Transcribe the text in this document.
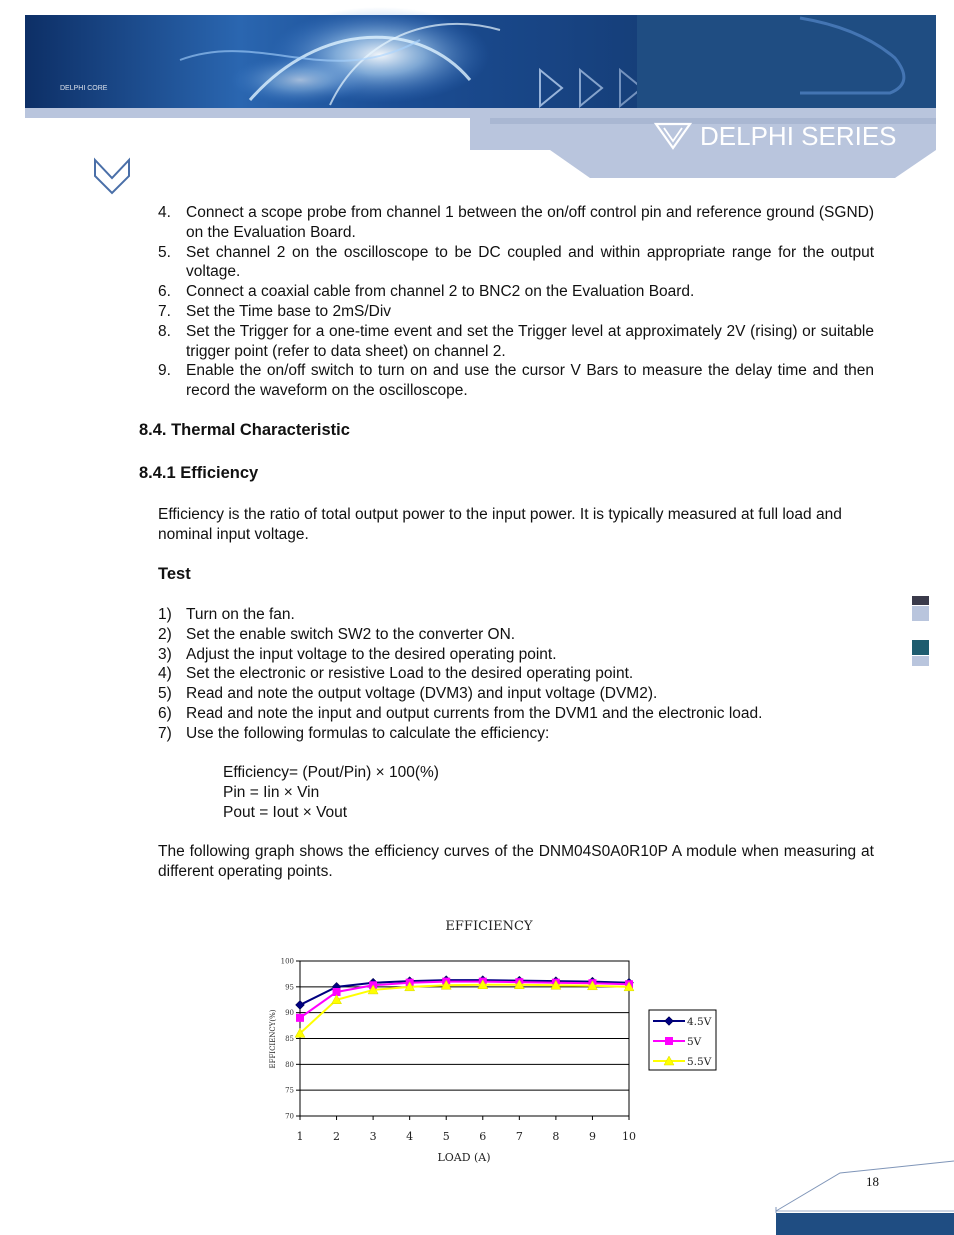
DELPHI CORE
DELPHI SERIES
4. Connect a scope probe from channel 1 between the on/off control pin and reference ground (SGND) on the Evaluation Board.
5. Set channel 2 on the oscilloscope to be DC coupled and within appropriate range for the output voltage.
6. Connect a coaxial cable from channel 2 to BNC2 on the Evaluation Board.
7. Set the Time base to 2mS/Div
8. Set the Trigger for a one-time event and set the Trigger level at approximately 2V (rising) or suitable trigger point (refer to data sheet) on channel 2.
9. Enable the on/off switch to turn on and use the cursor V Bars to measure the delay time and then record the waveform on the oscilloscope.
8.4. Thermal Characteristic
8.4.1 Efficiency
Efficiency is the ratio of total output power to the input power. It is typically measured at full load and nominal input voltage.
Test
1) Turn on the fan.
2) Set the enable switch SW2 to the converter ON.
3) Adjust the input voltage to the desired operating point.
4) Set the electronic or resistive Load to the desired operating point.
5) Read and note the output voltage (DVM3) and input voltage (DVM2).
6) Read and note the input and output currents from the DVM1 and the electronic load.
7) Use the following formulas to calculate the efficiency:
Efficiency= (Pout/Pin) × 100(%)
Pin = Iin × Vin
Pout = Iout × Vout
The following graph shows the efficiency curves of the DNM04S0A0R10P A module when measuring at different operating points.
EFFICIENCY
100
95
90
85
80
75
70
1	2	3	4	5	6	7	8	9 10
LOAD (A)
EFFICIENCY(%)	4.5V
5V
5.5V
18
